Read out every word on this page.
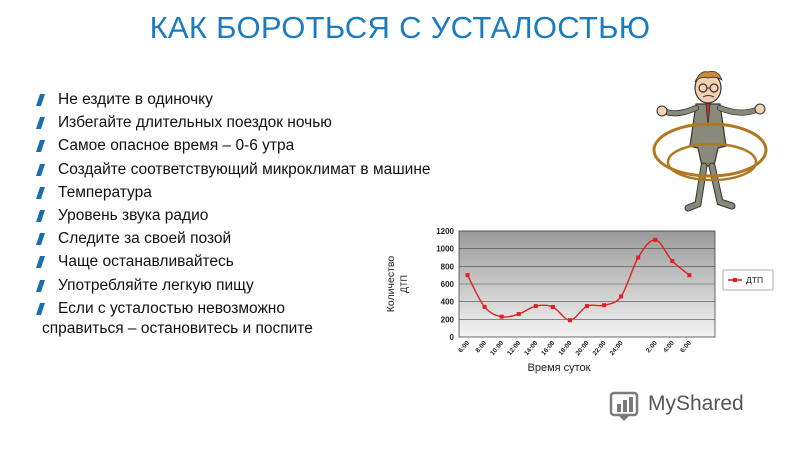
КАК БОРОТЬСЯ С УСТАЛОСТЬЮ
Не ездите в одиночку
Избегайте длительных поездок ночью
Самое опасное время – 0-6 утра
Создайте соответствующий микроклимат в машине
Температура
Уровень звука радио
Следите за своей позой
Чаще останавливайтесь
Употребляйте легкую пищу
Если с усталостью невозможно
справиться – остановитесь и поспите
0
200
400
600
800
1000
1200
6:00 8:00 10:00 12:00 14:00 16:00 18:00 20:00 22:00 24:00	2:00 4:00 6:00
Количество ДТП
Время суток
ДТП
MyShared
